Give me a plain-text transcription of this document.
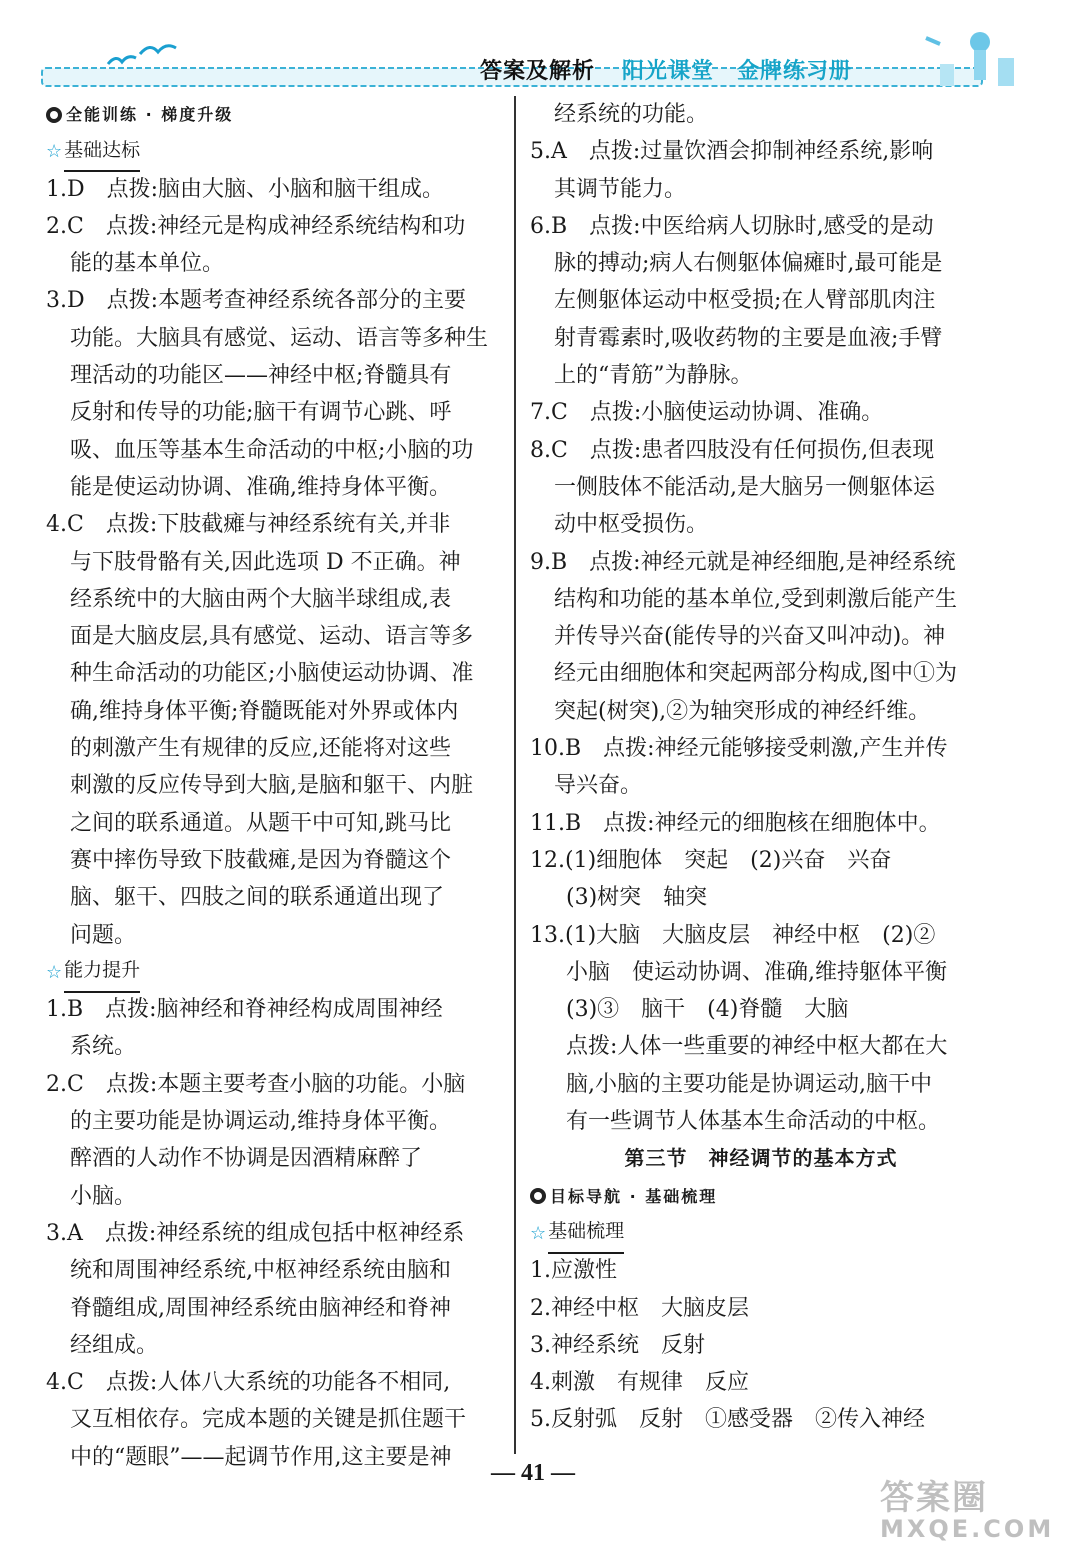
答案及解析 阳光课堂　金牌练习册
全能训练 · 梯度升级
☆ 基础达标
1.D　点拨:脑由大脑、小脑和脑干组成。
2.C　点拨:神经元是构成神经系统结构和功
能的基本单位。
3.D　点拨:本题考查神经系统各部分的主要
功能。大脑具有感觉、运动、语言等多种生
理活动的功能区——神经中枢;脊髓具有
反射和传导的功能;脑干有调节心跳、呼
吸、血压等基本生命活动的中枢;小脑的功
能是使运动协调、准确,维持身体平衡。
4.C　点拨:下肢截瘫与神经系统有关,并非
与下肢骨骼有关,因此选项 D 不正确。神
经系统中的大脑由两个大脑半球组成,表
面是大脑皮层,具有感觉、运动、语言等多
种生命活动的功能区;小脑使运动协调、准
确,维持身体平衡;脊髓既能对外界或体内
的刺激产生有规律的反应,还能将对这些
刺激的反应传导到大脑,是脑和躯干、内脏
之间的联系通道。从题干中可知,跳马比
赛中摔伤导致下肢截瘫,是因为脊髓这个
脑、躯干、四肢之间的联系通道出现了
问题。
☆ 能力提升
1.B　点拨:脑神经和脊神经构成周围神经
系统。
2.C　点拨:本题主要考查小脑的功能。小脑
的主要功能是协调运动,维持身体平衡。
醉酒的人动作不协调是因酒精麻醉了
小脑。
3.A　点拨:神经系统的组成包括中枢神经系
统和周围神经系统,中枢神经系统由脑和
脊髓组成,周围神经系统由脑神经和脊神
经组成。
4.C　点拨:人体八大系统的功能各不相同,
又互相依存。完成本题的关键是抓住题干
中的“题眼”——起调节作用,这主要是神
经系统的功能。
5.A　点拨:过量饮酒会抑制神经系统,影响
其调节能力。
6.B　点拨:中医给病人切脉时,感受的是动
脉的搏动;病人右侧躯体偏瘫时,最可能是
左侧躯体运动中枢受损;在人臂部肌肉注
射青霉素时,吸收药物的主要是血液;手臂
上的“青筋”为静脉。
7.C　点拨:小脑使运动协调、准确。
8.C　点拨:患者四肢没有任何损伤,但表现
一侧肢体不能活动,是大脑另一侧躯体运
动中枢受损伤。
9.B　点拨:神经元就是神经细胞,是神经系统
结构和功能的基本单位,受到刺激后能产生
并传导兴奋(能传导的兴奋又叫冲动)。神
经元由细胞体和突起两部分构成,图中①为
突起(树突),②为轴突形成的神经纤维。
10.B　点拨:神经元能够接受刺激,产生并传
导兴奋。
11.B　点拨:神经元的细胞核在细胞体中。
12.(1)细胞体　突起　(2)兴奋　兴奋
(3)树突　轴突
13.(1)大脑　大脑皮层　神经中枢　(2)②
小脑　使运动协调、准确,维持躯体平衡
(3)③　脑干　(4)脊髓　大脑
点拨:人体一些重要的神经中枢大都在大
脑,小脑的主要功能是协调运动,脑干中
有一些调节人体基本生命活动的中枢。
第三节　神经调节的基本方式
目标导航 · 基础梳理
☆ 基础梳理
1.应激性
2.神经中枢　大脑皮层
3.神经系统　反射
4.刺激　有规律　反应
5.反射弧　反射　①感受器　②传入神经
— 41 —
答案圈
MXQE.COM
